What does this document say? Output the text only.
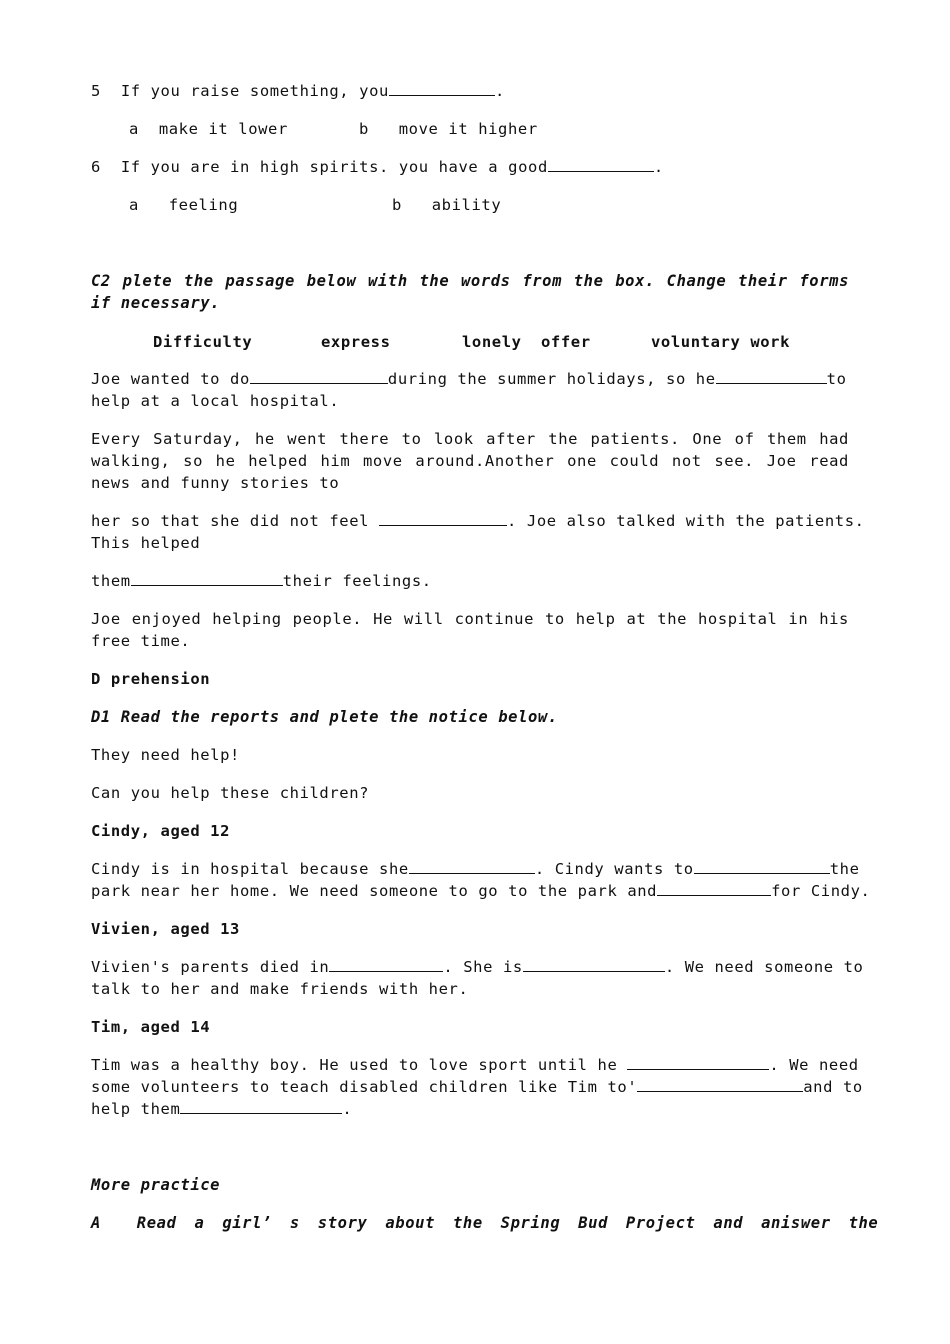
5 If you raise something, you	.
a make it lower	b move it higher
6 If you are in high spirits. you have a good	.
a feeling	b ability
C2 plete the passage below with the words from the box. Change their forms if necessary.
Difficulty	express	lonely offer	voluntary work
Joe wanted to do	during the summer holidays, so he	to
help at a local hospital.
Every Saturday, he went there to look after the patients. One of them had walking, so he helped him move around.Another one could not see. Joe read news and funny stories to
her so that she did not feel	. Joe also talked with the patients.
This helped
them	their feelings.
Joe enjoyed helping people. He will continue to help at the hospital in his free time.
D prehension
D1 Read the reports and plete the notice below.
They need help!
Can you help these children?
Cindy, aged 12
Cindy is in hospital because she	. Cindy wants to	the
park near her home. We need someone to go to the park and	for Cindy.
Vivien, aged 13
Vivien's parents died in	. She is	. We need someone to
talk to her and make friends with her.
Tim, aged 14
Tim was a healthy boy. He used to love sport until he	. We need
some volunteers to teach disabled children like Tim to'	and to
help them	.
More practice
A  Read a girl’ s story about the Spring Bud Project and aniswer the
